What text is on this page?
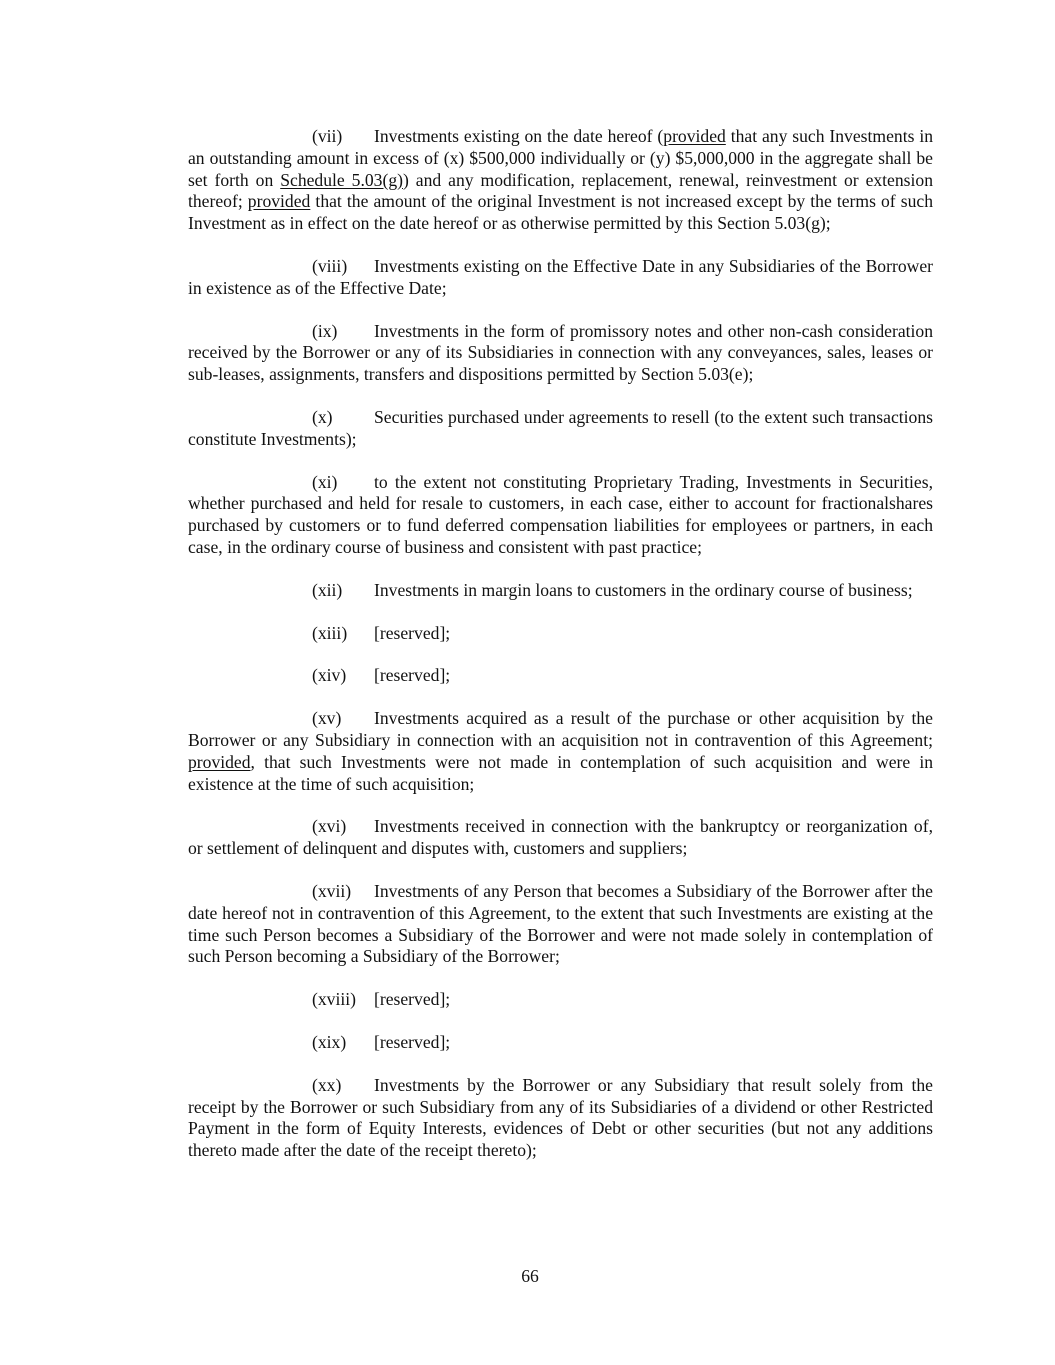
(vii) Investments existing on the date hereof (provided that any such Investments in an outstanding amount in excess of (x) $500,000 individually or (y) $5,000,000 in the aggregate shall be set forth on Schedule 5.03(g)) and any modification, replacement, renewal, reinvestment or extension thereof; provided that the amount of the original Investment is not increased except by the terms of such Investment as in effect on the date hereof or as otherwise permitted by this Section 5.03(g);

(viii) Investments existing on the Effective Date in any Subsidiaries of the Borrower in existence as of the Effective Date;

(ix) Investments in the form of promissory notes and other non-cash consideration received by the Borrower or any of its Subsidiaries in connection with any conveyances, sales, leases or sub-leases, assignments, transfers and dispositions permitted by Section 5.03(e);

(x) Securities purchased under agreements to resell (to the extent such transactions constitute Investments);

(xi) to the extent not constituting Proprietary Trading, Investments in Securities, whether purchased and held for resale to customers, in each case, either to account for fractionalshares purchased by customers or to fund deferred compensation liabilities for employees or partners, in each case, in the ordinary course of business and consistent with past practice;

(xii) Investments in margin loans to customers in the ordinary course of business;

(xiii) [reserved];

(xiv) [reserved];

(xv) Investments acquired as a result of the purchase or other acquisition by the Borrower or any Subsidiary in connection with an acquisition not in contravention of this Agreement; provided, that such Investments were not made in contemplation of such acquisition and were in existence at the time of such acquisition;

(xvi) Investments received in connection with the bankruptcy or reorganization of, or settlement of delinquent and disputes with, customers and suppliers;

(xvii) Investments of any Person that becomes a Subsidiary of the Borrower after the date hereof not in contravention of this Agreement, to the extent that such Investments are existing at the time such Person becomes a Subsidiary of the Borrower and were not made solely in contemplation of such Person becoming a Subsidiary of the Borrower;

(xviii) [reserved];

(xix) [reserved];

(xx) Investments by the Borrower or any Subsidiary that result solely from the receipt by the Borrower or such Subsidiary from any of its Subsidiaries of a dividend or other Restricted Payment in the form of Equity Interests, evidences of Debt or other securities (but not any additions thereto made after the date of the receipt thereto);

66
